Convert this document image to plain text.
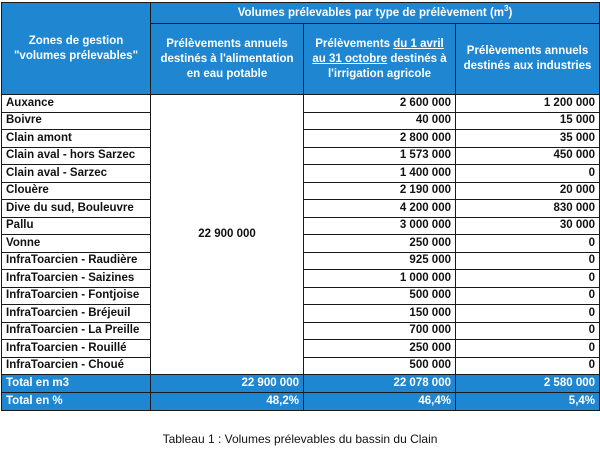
Zones de gestion "volumes prélevables"	Volumes prélevables par type de prélèvement $(m^3)$		
	Prélèvements annuels destinés à l'alimentation en eau potable	Prélèvements du 1 avril au 31 octobre destinés à l'irrigation agricole	Prélèvements annuels destinés aux industries
Auxance	22 900 000	2 600 000	1 200 000
Boivre		40 000	15 000
Clain amont		2 800 000	35 000
Clain aval - hors Sarzec		1 573 000	450 000
Clain aval - Sarzec		1 400 000	0
Clouère		2 190 000	20 000
Dive du sud, Bouleuvre		4 200 000	830 000
Pallu		3 000 000	30 000
Vonne		250 000	0
InfraToarcien - Raudière		925 000	0
InfraToarcien - Saizines		1 000 000	0
InfraToarcien - Fontjoise		500 000	0
InfraToarcien - Bréjeuil		150 000	0
InfraToarcien - La Preille		700 000	0
InfraToarcien - Rouillé		250 000	0
InfraToarcien - Choué		500 000	0
Total en m3	22 900 000	22 078 000	2 580 000
Total en %	48,2%	46,4%	5,4%
Tableau 1 : Volumes prélevables du bassin du Clain
